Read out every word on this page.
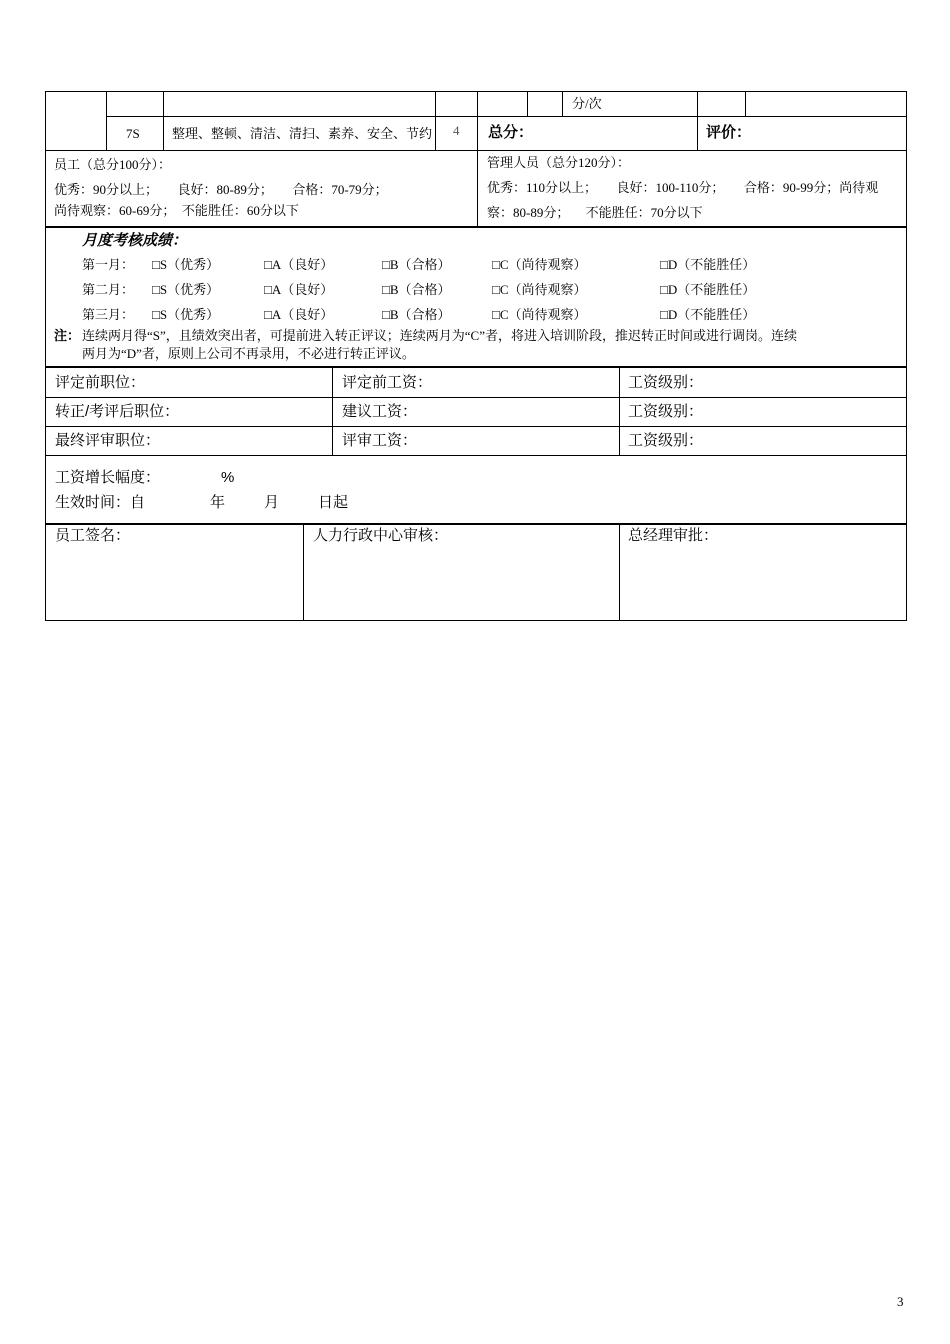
分/次
7S 整理、整顿、清洁、清扫、素养、安全、节约 4 总分：	评价：
员工（总分100分）：
优秀：90分以上；      良好：80-89分；      合格：70-79分；
尚待观察：60-69分；  不能胜任：60分以下
管理人员（总分120分）：
优秀：110分以上；      良好：100-110分；      合格：90-99分；尚待观
察：80-89分；     不能胜任：70分以下
月度考核成绩：
第一月： □S（优秀）	□A（良好）	□B（合格）	□C（尚待观察）	□D（不能胜任）
第二月： □S（优秀）	□A（良好）	□B（合格）	□C（尚待观察）	□D（不能胜任）
第三月： □S（优秀）	□A（良好）	□B（合格）	□C（尚待观察）	□D（不能胜任）
注： 连续两月得“S”，且绩效突出者，可提前进入转正评议；连续两月为“C”者，将进入培训阶段，推迟转正时间或进行调岗。连续
两月为“D”者，原则上公司不再录用，不必进行转正评议。
评定前职位：	评定前工资：	工资级别：
转正/考评后职位：	建议工资：	工资级别：
最终评审职位：	评审工资：	工资级别：
工资增长幅度：	%
生效时间：自	年	月	日起
员工签名：	人力行政中心审核：	总经理审批：
3
